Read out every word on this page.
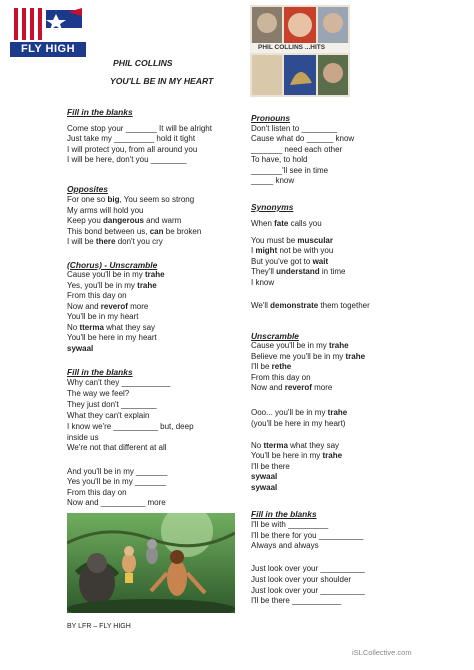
FLY HIGH
PHIL COLLINS
YOU'LL BE IN MY HEART
PHIL COLLINS ...HITS
Fill in the blanks
Come stop your _______ It will be alright
Just take my _________ hold it tight
I will protect you, from all around you
I will be here, don't you ________
Opposites
For one so big, You seem so strong
My arms will hold you
Keep you dangerous and warm
This bond between us, can be broken
I will be there don't you cry
(Chorus) - Unscramble
Cause you'll be in my trahe
Yes, you'll be in my trahe
From this day on
Now and reverof more
You'll be in my heart
No tterma what they say
You'll be here in my heart
sywaal
Fill in the blanks
Why can't they ___________
The way we feel?
They just don't ________
What they can't explain
I know we're __________ but, deep
inside us
We're not that different at all
And you'll be in my _______
Yes you'll be in my _______
From this day on
Now and __________ more
BY LFR – FLY HIGH
Pronouns
Don't listen to ________
Cause what do ______ know
_______ need each other
To have, to hold
_______'ll see in time
_____ know
Synonyms
When fate calls you
You must be muscular
I might not be with you
But you've got to wait
They'll understand in time
I know
We'll demonstrate them together
Unscramble
Cause you'll be in my trahe
Believe me you'll be in my trahe
I'll be rethe
From this day on
Now and reverof more
Ooo... you'll be in my trahe
(you'll be here in my heart)
No tterma what they say
You'll be here in my trahe
I'll be there
sywaal
sywaal
Fill in the blanks
I'll be with _________
I'll be there for you __________
Always and always
Just look over your __________
Just look over your shoulder
Just look over your __________
I'll be there ___________
iSLCollective.com
